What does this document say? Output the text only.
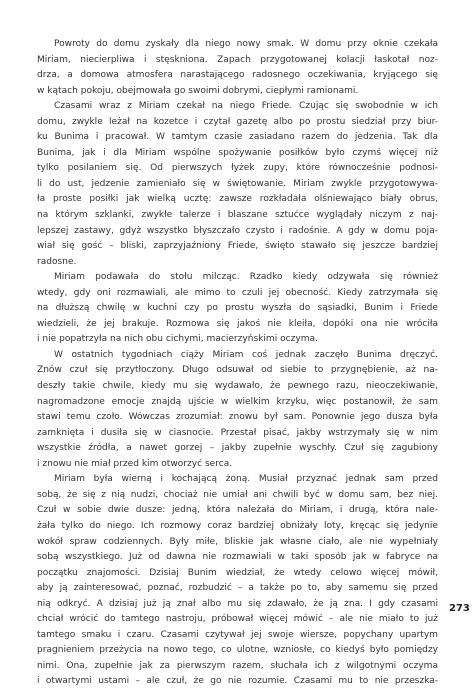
Powroty do domu zyskały dla niego nowy smak. W domu przy oknie czekała
Miriam, niecierpliwa i stęskniona. Zapach przygotowanej kolacji łaskotał noz-
drza, a domowa atmosfera narastającego radosnego oczekiwania, kryjącego się
w kątach pokoju, obejmowała go swoimi dobrymi, ciepłymi ramionami.
Czasami wraz z Miriam czekał na niego Friede. Czując się swobodnie w ich
domu, zwykle leżał na kozetce i czytał gazetę albo po prostu siedział przy biur-
ku Bunima i pracował. W tamtym czasie zasiadano razem do jedzenia. Tak dla
Bunima, jak i dla Miriam wspólne spożywanie posiłków było czymś więcej niż
tylko posilaniem się. Od pierwszych łyżek zupy, które równocześnie podnosi-
li do ust, jedzenie zamieniało się w świętowanie. Miriam zwykle przygotowywa-
ła proste posiłki jak wielką ucztę: zawsze rozkładała olśniewająco biały obrus,
na którym szklanki, zwykłe talerze i blaszane sztućce wyglądały niczym z naj-
lepszej zastawy, gdyż wszystko błyszczało czysto i radośnie. A gdy w domu poja-
wiał się gość – bliski, zaprzyjaźniony Friede, święto stawało się jeszcze bardziej
radosne.
Miriam podawała do stołu milcząc. Rzadko kiedy odzywała się również
wtedy, gdy oni rozmawiali, ale mimo to czuli jej obecność. Kiedy zatrzymała się
na dłuższą chwilę w kuchni czy po prostu wyszła do sąsiadki, Bunim i Friede
wiedzieli, że jej brakuje. Rozmowa się jakoś nie kleiła, dopóki ona nie wróciła
i nie popatrzyła na nich obu cichymi, macierzyńskimi oczyma.
W ostatnich tygodniach ciąży Miriam coś jednak zaczęło Bunima dręczyć.
Znów czuł się przytłoczony. Długo odsuwał od siebie to przygnębienie, aż na-
deszły takie chwile, kiedy mu się wydawało, że pewnego razu, nieoczekiwanie,
nagromadzone emocje znajdą ujście w wielkim krzyku, więc postanowił, że sam
stawi temu czoło. Wówczas zrozumiał: znowu był sam. Ponownie jego dusza była
zamknięta i dusiła się w ciasnocie. Przestał pisać, jakby wstrzymały się w nim
wszystkie źródła, a nawet gorzej – jakby zupełnie wyschły. Czuł się zagubiony
i znowu nie miał przed kim otworzyć serca.
Miriam była wierną i kochającą żoną. Musiał przyznać jednak sam przed
sobą, że się z nią nudzi, chociaż nie umiał ani chwili być w domu sam, bez niej.
Czuł w sobie dwie dusze: jedną, która należała do Miriam, i drugą, która nale-
żała tylko do niego. Ich rozmowy coraz bardziej obniżały loty, kręcąc się jedynie
wokół spraw codziennych. Były miłe, bliskie jak własne ciało, ale nie wypełniały
sobą wszystkiego. Już od dawna nie rozmawiali w taki sposób jak w fabryce na
początku znajomości. Dzisiaj Bunim wiedział, że wtedy celowo więcej mówił,
aby ją zainteresować, poznać, rozbudzić – a także po to, aby samemu się przed
nią odkryć. A dzisiaj już ją znał albo mu się zdawało, że ją zna. I gdy czasami
chciał wrócić do tamtego nastroju, próbował więcej mówić – ale nie miało to już
tamtego smaku i czaru. Czasami czytywał jej swoje wiersze, popychany upartym
pragnieniem przeżycia na nowo tego, co ulotne, wzniosłe, co kiedyś było pomiędzy
nimi. Ona, zupełnie jak za pierwszym razem, słuchała ich z wilgotnymi oczyma
i otwartymi ustami – ale czuł, że go nie rozumie. Czasami mu to nie przeszka-
273
